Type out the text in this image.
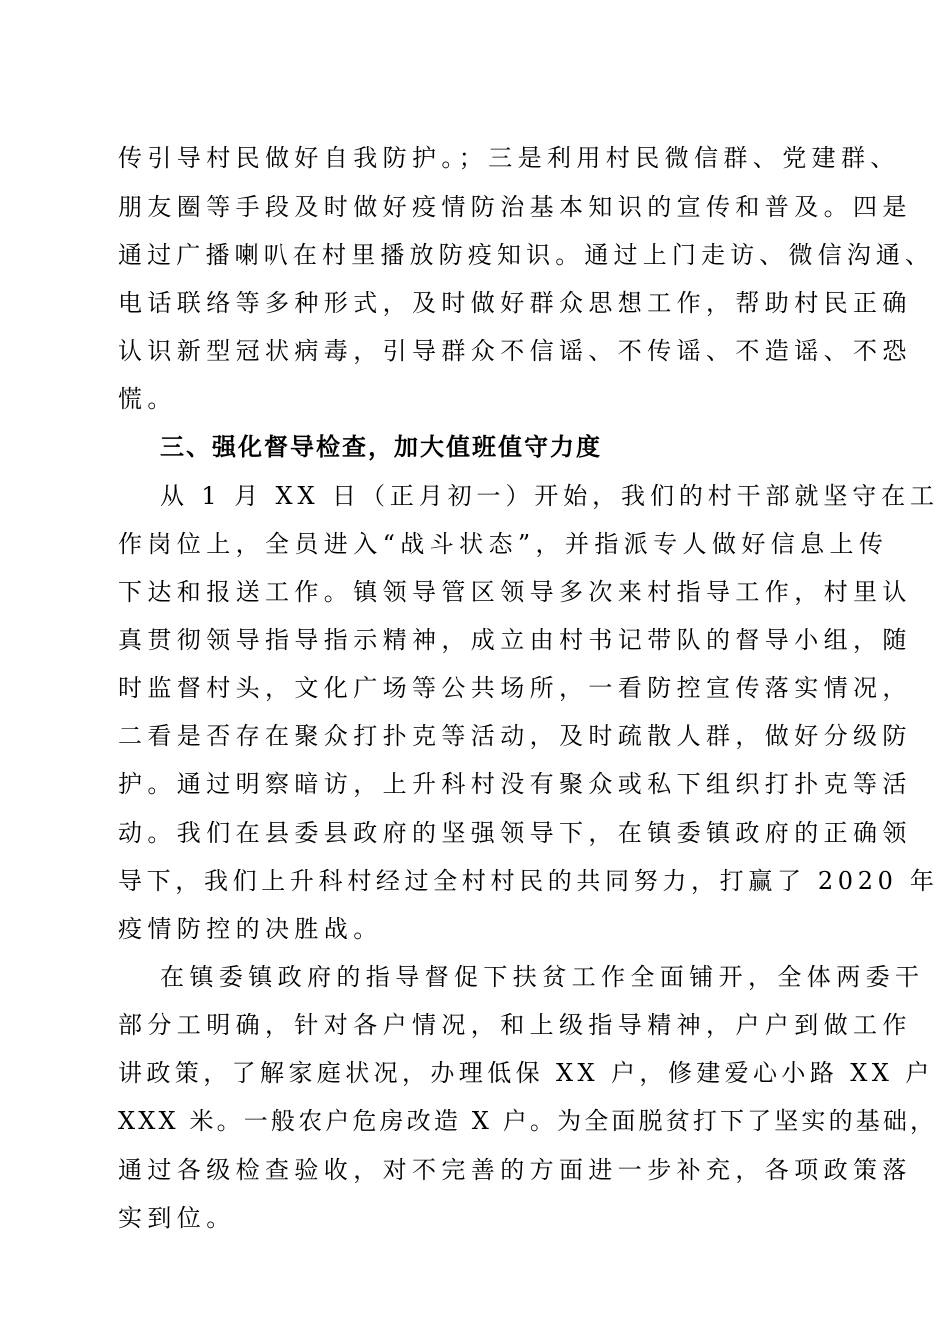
传引导村民做好自我防护。；三是利用村民微信群、党建群、
朋友圈等手段及时做好疫情防治基本知识的宣传和普及。四是
通过广播喇叭在村里播放防疫知识。通过上门走访、微信沟通、
电话联络等多种形式，及时做好群众思想工作，帮助村民正确
认识新型冠状病毒，引导群众不信谣、不传谣、不造谣、不恐
慌。
三、强化督导检查，加大值班值守力度
从 1 月 XX 日（正月初一）开始，我们的村干部就坚守在工
作岗位上，全员进入“战斗状态”，并指派专人做好信息上传
下达和报送工作。镇领导管区领导多次来村指导工作，村里认
真贯彻领导指导指示精神，成立由村书记带队的督导小组，随
时监督村头，文化广场等公共场所，一看防控宣传落实情况，
二看是否存在聚众打扑克等活动，及时疏散人群，做好分级防
护。通过明察暗访，上升科村没有聚众或私下组织打扑克等活
动。我们在县委县政府的坚强领导下，在镇委镇政府的正确领
导下，我们上升科村经过全村村民的共同努力，打赢了 2020 年
疫情防控的决胜战。
在镇委镇政府的指导督促下扶贫工作全面铺开，全体两委干
部分工明确，针对各户情况，和上级指导精神，户户到做工作
讲政策，了解家庭状况，办理低保 XX 户，修建爱心小路 XX 户
XXX 米。一般农户危房改造 X 户。为全面脱贫打下了坚实的基础，
通过各级检查验收，对不完善的方面进一步补充，各项政策落
实到位。
